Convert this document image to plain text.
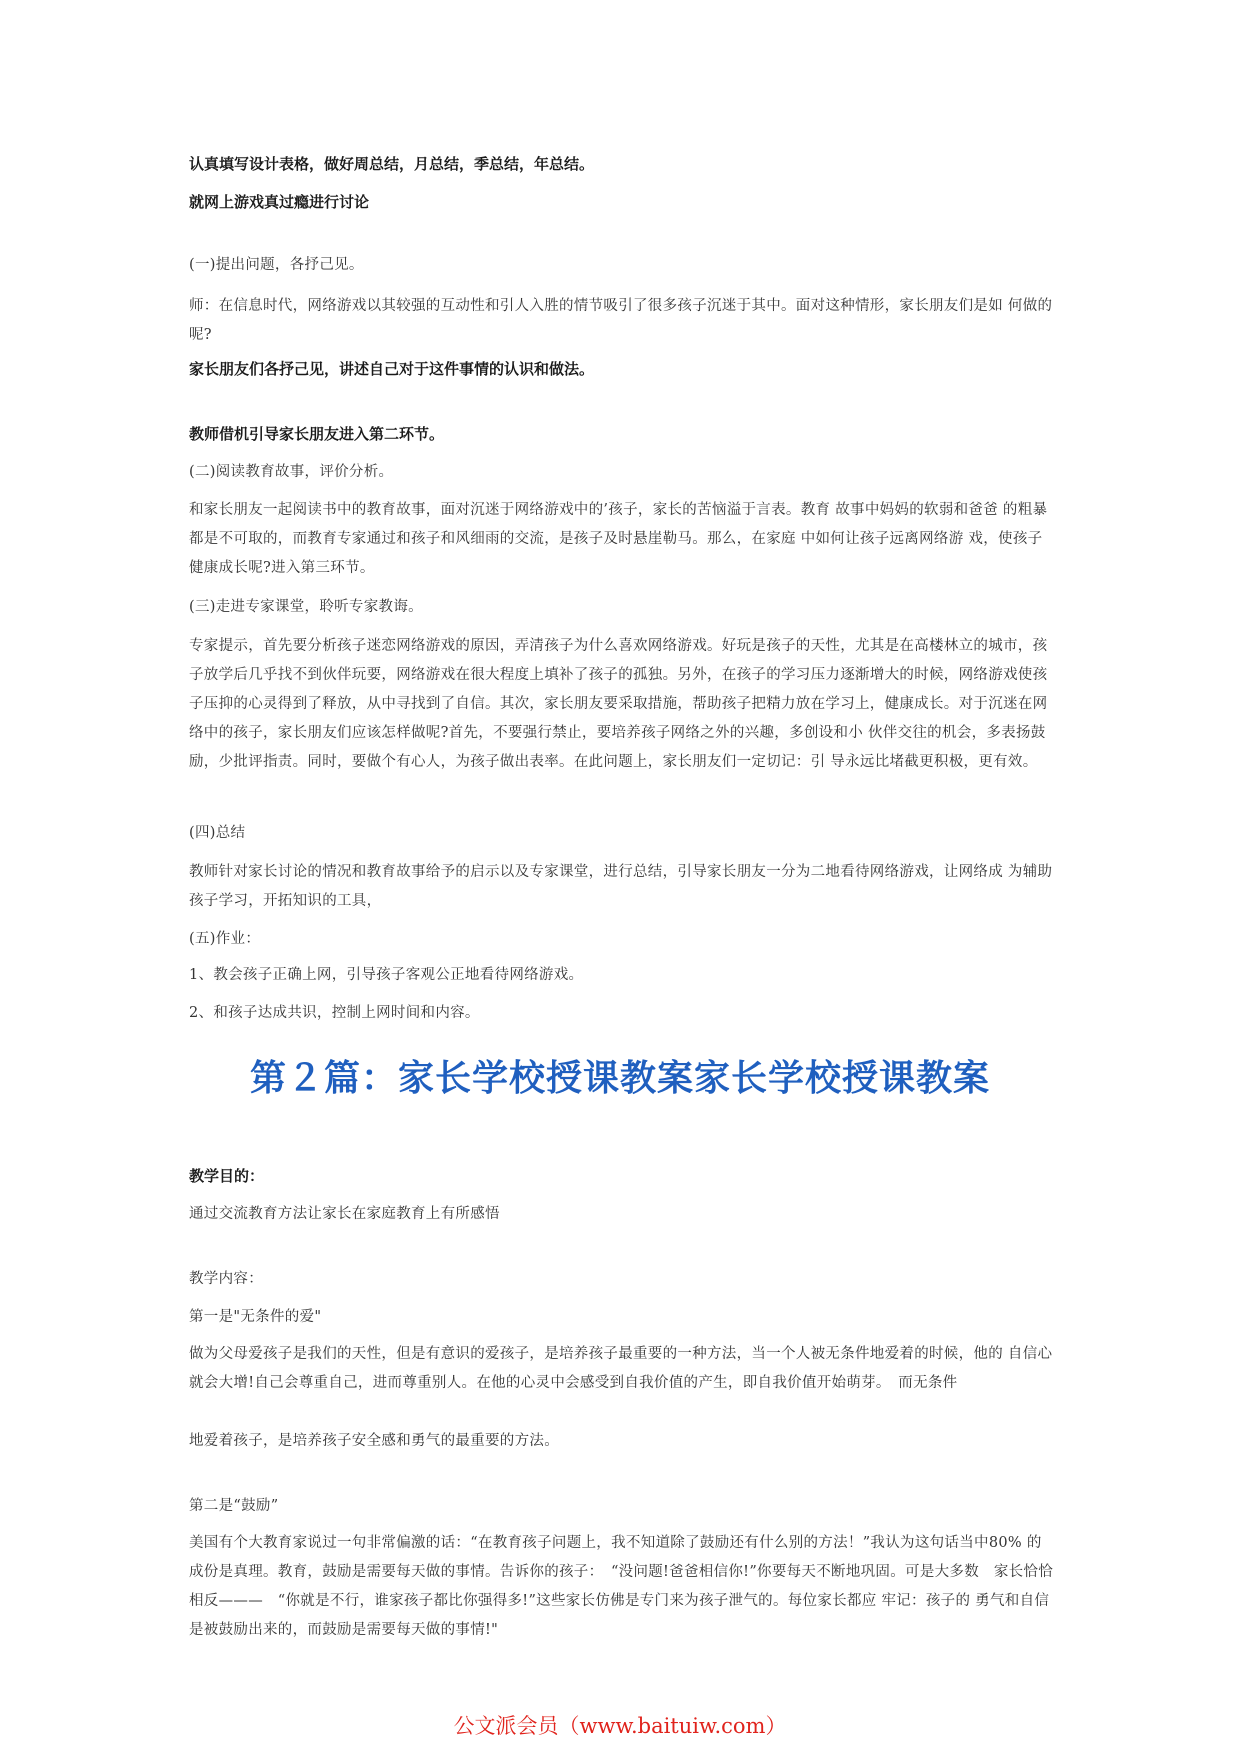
认真填写设计表格，做好周总结，月总结，季总结，年总结。

就网上游戏真过瘾进行讨论

(一)提出问题，各抒己见。

师：在信息时代，网络游戏以其较强的互动性和引人入胜的情节吸引了很多孩子沉迷于其中。面对这种情形，家长朋友们是如 何做的呢?

家长朋友们各抒己见，讲述自己对于这件事情的认识和做法。

教师借机引导家长朋友进入第二环节。

(二)阅读教育故事，评价分析。

和家长朋友一起阅读书中的教育故事，面对沉迷于网络游戏中的’孩子，家长的苦恼溢于言表。教育 故事中妈妈的软弱和爸爸 的粗暴都是不可取的，而教育专家通过和孩子和风细雨的交流，是孩子及时悬崖勒马。那么，在家庭 中如何让孩子远离网络游 戏，使孩子健康成长呢?进入第三环节。

(三)走进专家课堂，聆听专家教诲。

专家提示，首先要分析孩子迷恋网络游戏的原因，弄清孩子为什么喜欢网络游戏。好玩是孩子的天性，尤其是在高楼林立的城市，孩子放学后几乎找不到伙伴玩要，网络游戏在很大程度上填补了孩子的孤独。另外，在孩子的学习压力逐渐增大的时候，网络游戏使孩子压抑的心灵得到了释放，从中寻找到了自信。其次，家长朋友要采取措施，帮助孩子把精力放在学习上，健康成长。对于沉迷在网络中的孩子，家长朋友们应该怎样做呢?首先，不要强行禁止，要培养孩子网络之外的兴趣，多创设和小 伙伴交往的机会，多表扬鼓励，少批评指责。同时，要做个有心人，为孩子做出表率。在此问题上，家长朋友们一定切记：引 导永远比堵截更积极，更有效。

(四)总结

教师针对家长讨论的情况和教育故事给予的启示以及专家课堂，进行总结，引导家长朋友一分为二地看待网络游戏，让网络成 为辅助孩子学习，开拓知识的工具，

(五)作业：

1、教会孩子正确上网，引导孩子客观公正地看待网络游戏。

2、和孩子达成共识，控制上网时间和内容。

第２篇：家长学校授课教案家长学校授课教案

教学目的：

通过交流教育方法让家长在家庭教育上有所感悟

教学内容：

第一是"无条件的爱"

做为父母爱孩子是我们的天性，但是有意识的爱孩子，是培养孩子最重要的一种方法，当一个人被无条件地爱着的时候，他的 自信心就会大增!自己会尊重自己，进而尊重别人。在他的心灵中会感受到自我价值的产生，即自我价值开始萌芽。　而无条件

地爱着孩子，是培养孩子安全感和勇气的最重要的方法。

第二是“鼓励”

美国有个大教育家说过一句非常偏激的话：“在教育孩子问题上，我不知道除了鼓励还有什么别的方法！”我认为这句话当中80% 的成份是真理。教育，鼓励是需要每天做的事情。告诉你的孩子：　“没问题!爸爸相信你!”你要每天不断地巩固。可是大多数　家长恰恰相反———　“你就是不行，谁家孩子都比你强得多!”这些家长仿佛是专门来为孩子泄气的。每位家长都应 牢记：孩子的 勇气和自信是被鼓励出来的，而鼓励是需要每天做的事情!"

公文派会员（www.baituiw.com）
